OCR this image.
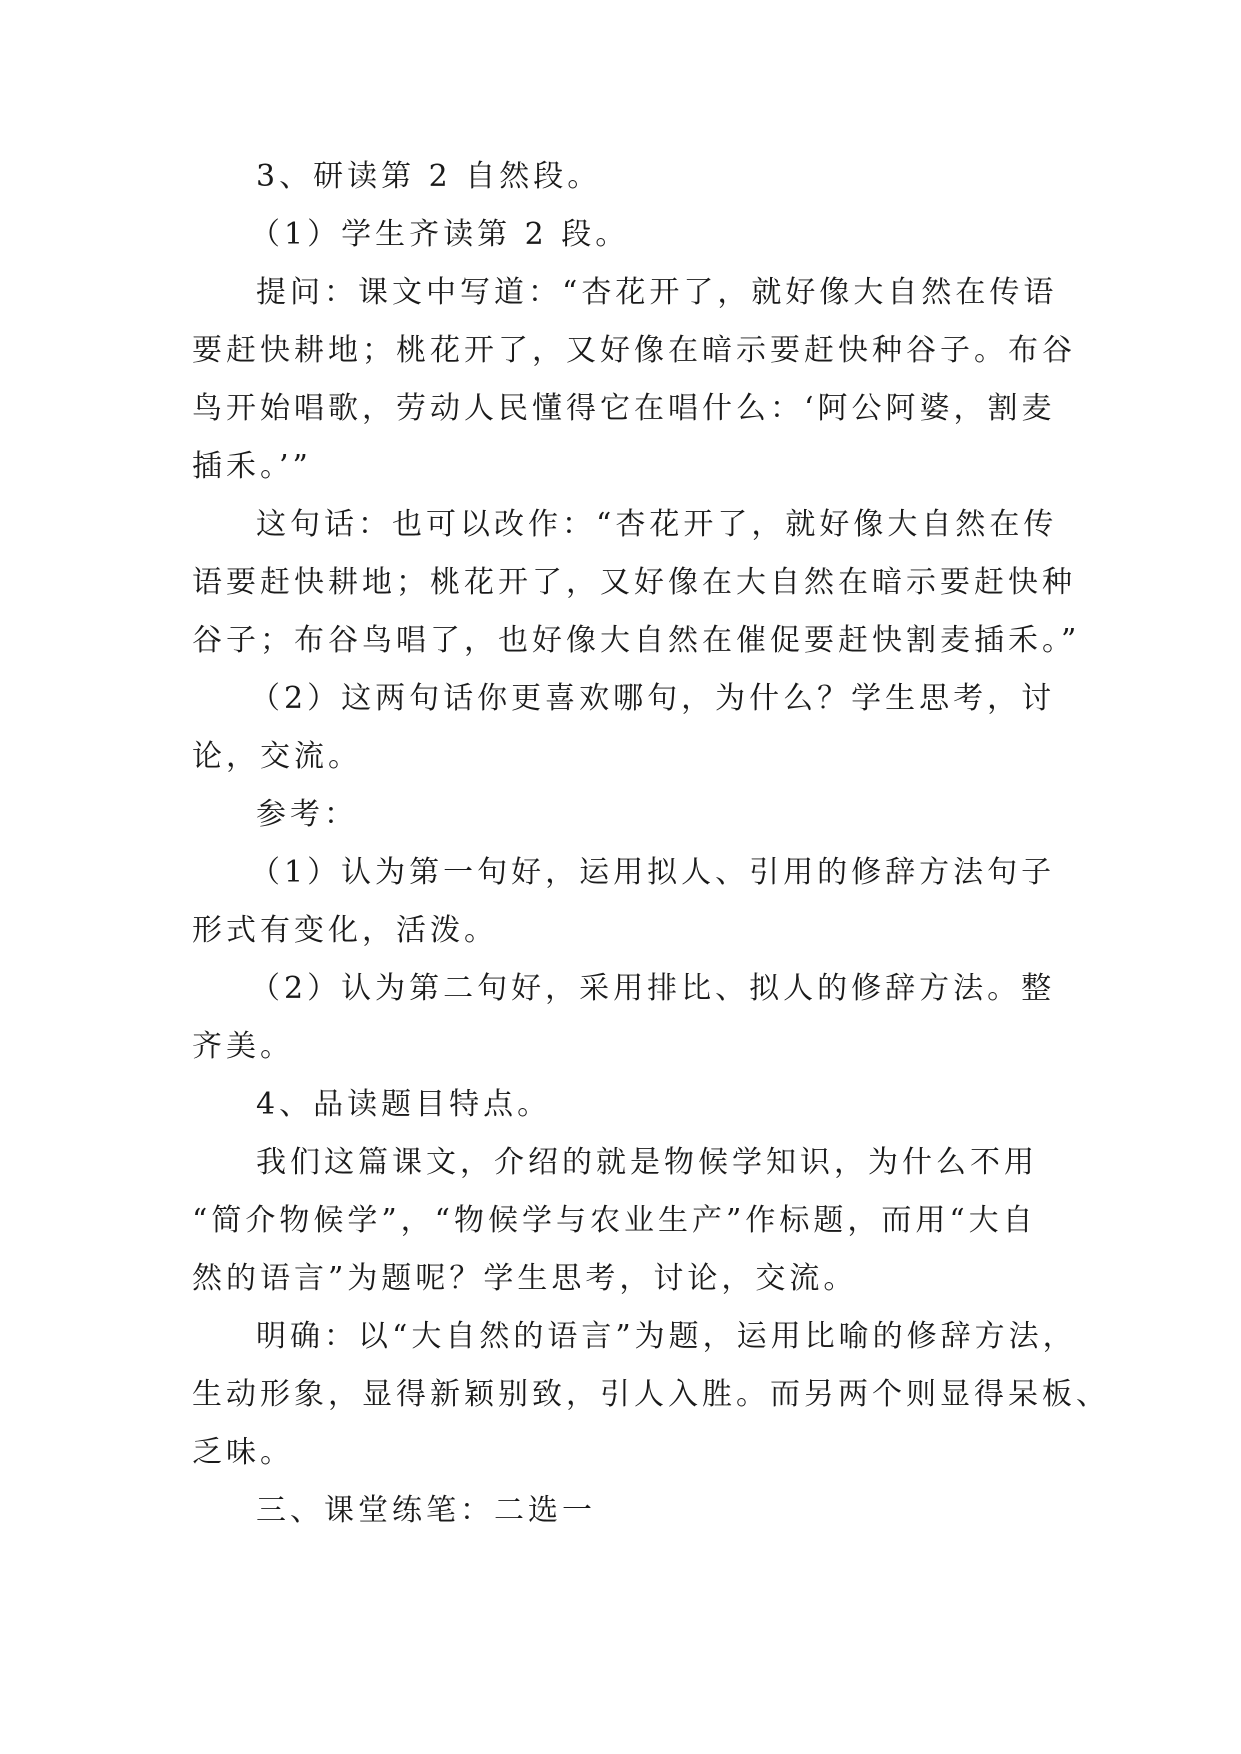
3、研读第 2 自然段。
（1）学生齐读第 2 段。
提问：课文中写道：“杏花开了，就好像大自然在传语
要赶快耕地；桃花开了，又好像在暗示要赶快种谷子。布谷
鸟开始唱歌，劳动人民懂得它在唱什么：‘阿公阿婆，割麦
插禾。’”
这句话：也可以改作：“杏花开了，就好像大自然在传
语要赶快耕地；桃花开了，又好像在大自然在暗示要赶快种
谷子；布谷鸟唱了，也好像大自然在催促要赶快割麦插禾。”
（2）这两句话你更喜欢哪句，为什么？学生思考，讨
论，交流。
参考：
（1）认为第一句好，运用拟人、引用的修辞方法句子
形式有变化，活泼。
（2）认为第二句好，采用排比、拟人的修辞方法。整
齐美。
4、品读题目特点。
我们这篇课文，介绍的就是物候学知识，为什么不用
“简介物候学”，“物候学与农业生产”作标题，而用“大自
然的语言”为题呢？学生思考，讨论，交流。
明确：以“大自然的语言”为题，运用比喻的修辞方法，
生动形象，显得新颖别致，引人入胜。而另两个则显得呆板、
乏味。
三、课堂练笔：二选一
